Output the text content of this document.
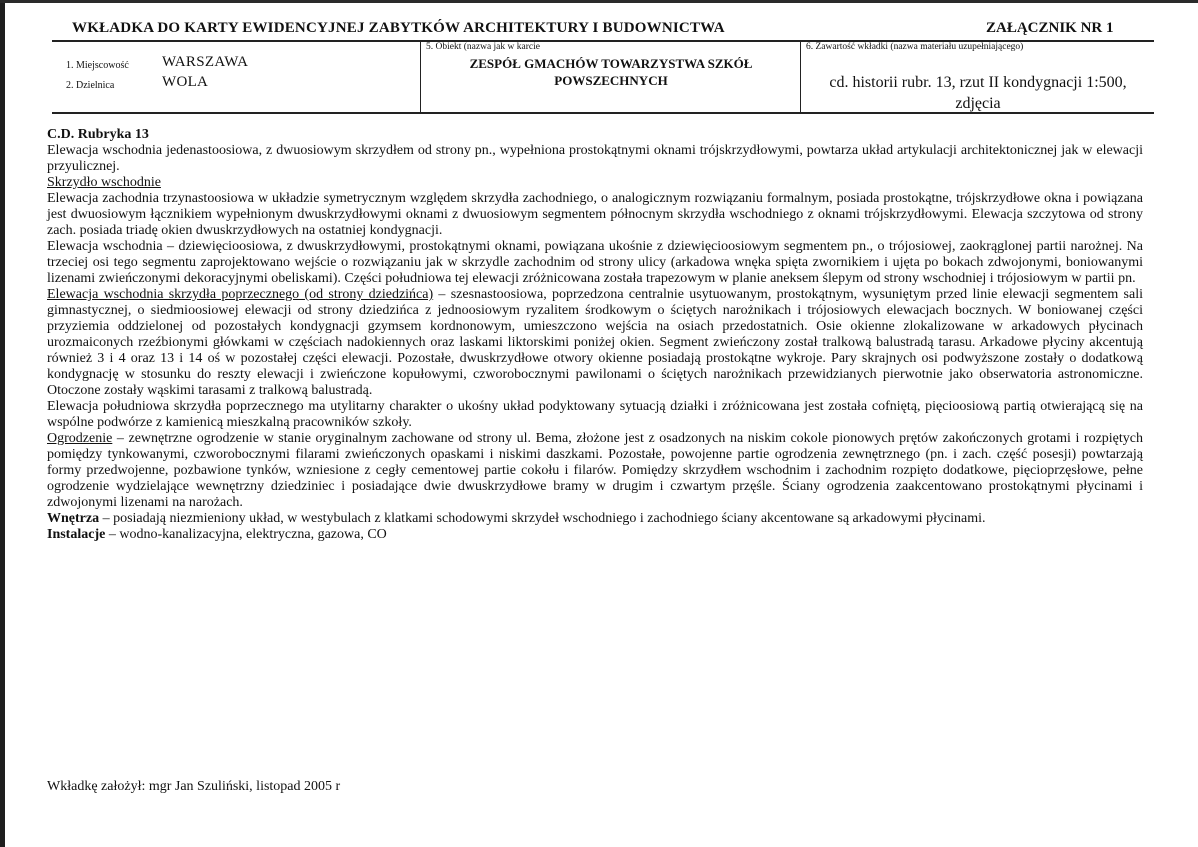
WKŁADKA DO KARTY EWIDENCYJNEJ ZABYTKÓW ARCHITEKTURY I BUDOWNICTWA	ZAŁĄCZNIK NR 1
1. Miejscowość WARSZAWA
2. Dzielnica	WOLA
5. Obiekt (nazwa jak w karcie
ZESPÓŁ GMACHÓW TOWARZYSTWA SZKÓŁ
POWSZECHNYCH
6. Zawartość wkładki (nazwa materiału uzupełniającego)
cd. historii rubr. 13, rzut II kondygnacji 1:500,
zdjęcia

C.D. Rubryka 13

Elewacja wschodnia jedenastoosiowa, z dwuosiowym skrzydłem od strony pn., wypełniona prostokątnymi oknami trójskrzydłowymi, powtarza układ artykulacji architektonicznej jak w elewacji przyulicznej.

Skrzydło wschodnie

Elewacja zachodnia trzynastoosiowa w układzie symetrycznym względem skrzydła zachodniego, o analogicznym rozwiązaniu formalnym, posiada prostokątne, trójskrzydłowe okna i powiązana jest dwuosiowym łącznikiem wypełnionym dwuskrzydłowymi oknami z dwuosiowym segmentem północnym skrzydła wschodniego z oknami trójskrzydłowymi. Elewacja szczytowa od strony zach. posiada triadę okien dwuskrzydłowych na ostatniej kondygnacji.

Elewacja wschodnia – dziewięcioosiowa, z dwuskrzydłowymi, prostokątnymi oknami, powiązana ukośnie z dziewięcioosiowym segmentem pn., o trójosiowej, zaokrąglonej partii narożnej. Na trzeciej osi tego segmentu zaprojektowano wejście o rozwiązaniu jak w skrzydle zachodnim od strony ulicy (arkadowa wnęka spięta zwornikiem i ujęta po bokach zdwojonymi, boniowanymi lizenami zwieńczonymi dekoracyjnymi obeliskami). Części południowa tej elewacji zróżnicowana została trapezowym w planie aneksem ślepym od strony wschodniej i trójosiowym w partii pn.

Elewacja wschodnia skrzydła poprzecznego (od strony dziedzińca) – szesnastoosiowa, poprzedzona centralnie usytuowanym, prostokątnym, wysuniętym przed linie elewacji segmentem sali gimnastycznej, o siedmioosiowej elewacji od strony dziedzińca z jednoosiowym ryzalitem środkowym o ściętych narożnikach i trójosiowych elewacjach bocznych. W boniowanej części przyziemia oddzielonej od pozostałych kondygnacji gzymsem kordnonowym, umieszczono wejścia na osiach przedostatnich. Osie okienne zlokalizowane w arkadowych płycinach urozmaiconych rzeźbionymi główkami w częściach nadokiennych oraz laskami liktorskimi poniżej okien. Segment zwieńczony został tralkową balustradą tarasu. Arkadowe płyciny akcentują również 3 i 4 oraz 13 i 14 oś w pozostałej części elewacji. Pozostałe, dwuskrzydłowe otwory okienne posiadają prostokątne wykroje. Pary skrajnych osi podwyższone zostały o dodatkową kondygnację w stosunku do reszty elewacji i zwieńczone kopułowymi, czworobocznymi pawilonami o ściętych narożnikach przewidzianych pierwotnie jako obserwatoria astronomiczne. Otoczone zostały wąskimi tarasami z tralkową balustradą.

Elewacja południowa skrzydła poprzecznego ma utylitarny charakter o ukośny układ podyktowany sytuacją działki i zróżnicowana jest została cofniętą, pięcioosiową partią otwierającą się na wspólne podwórze z kamienicą mieszkalną pracowników szkoły.

Ogrodzenie – zewnętrzne ogrodzenie w stanie oryginalnym zachowane od strony ul. Bema, złożone jest z osadzonych na niskim cokole pionowych prętów zakończonych grotami i rozpiętych pomiędzy tynkowanymi, czworobocznymi filarami zwieńczonych opaskami i niskimi daszkami. Pozostałe, powojenne partie ogrodzenia zewnętrznego (pn. i zach. część posesji) powtarzają formy przedwojenne, pozbawione tynków, wzniesione z cegły cementowej partie cokołu i filarów. Pomiędzy skrzydłem wschodnim i zachodnim rozpięto dodatkowe, pięcioprzęsłowe, pełne ogrodzenie wydzielające wewnętrzny dziedziniec i posiadające dwie dwuskrzydłowe bramy w drugim i czwartym przęśle. Ściany ogrodzenia zaakcentowano prostokątnymi płycinami i zdwojonymi lizenami na narożach.

Wnętrza – posiadają niezmieniony układ, w westybulach z klatkami schodowymi skrzydeł wschodniego i zachodniego ściany akcentowane są arkadowymi płycinami.

Instalacje – wodno-kanalizacyjna, elektryczna, gazowa, CO

Wkładkę założył: mgr Jan Szuliński, listopad 2005 r
